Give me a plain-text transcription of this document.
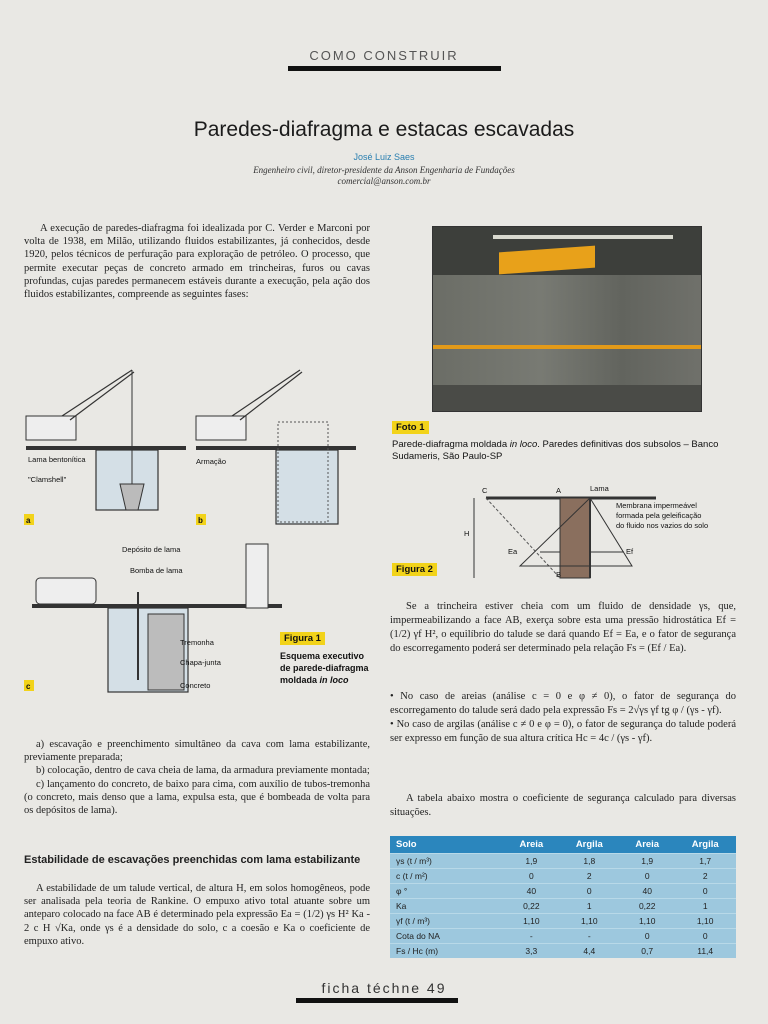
COMO CONSTRUIR
Paredes-diafragma e estacas escavadas
José Luiz Saes
Engenheiro civil, diretor-presidente da Anson Engenharia de Fundações
comercial@anson.com.br

A execução de paredes-diafragma foi idealizada por C. Verder e Marconi por volta de 1938, em Milão, utilizando fluidos estabilizantes, já conhecidos, desde 1920, pelos técnicos de perfuração para exploração de petróleo. O processo, que permite executar peças de concreto armado em trincheiras, furos ou cavas profundas, cujas paredes permanecem estáveis durante a execução, pela ação dos fluidos estabilizantes, compreende as seguintes fases:

Lama bentonítica
"Clamshell"
a
Armação
b
Depósito de lama
Bomba de lama
Tremonha
Chapa-junta
Concreto
c
Figura 1
Esquema executivo de parede-diafragma moldada in loco

a) escavação e preenchimento simultâneo da cava com lama estabilizante, previamente preparada;

b) colocação, dentro de cava cheia de lama, da armadura previamente montada;

c) lançamento do concreto, de baixo para cima, com auxílio de tubos-tremonha (o concreto, mais denso que a lama, expulsa esta, que é bombeada de volta para os depósitos de lama).

Estabilidade de escavações preenchidas com lama estabilizante

A estabilidade de um talude vertical, de altura H, em solos homogêneos, pode ser analisada pela teoria de Rankine. O empuxo ativo total atuante sobre um anteparo colocado na face AB é determinado pela expressão Ea = (1/2) γs H² Ka - 2 c H √Ka, onde γs é a densidade do solo, c a coesão e Ka o coeficiente de empuxo ativo.

Foto 1
Parede-diafragma moldada in loco. Paredes definitivas dos subsolos – Banco Sudameris, São Paulo-SP
C	A
B
H
Lama
Ea	Ef
Membrana impermeável
formada pela geleificação
do fluido nos vazios do solo
Figura 2

Se a trincheira estiver cheia com um fluido de densidade γs, que, impermeabilizando a face AB, exerça sobre esta uma pressão hidrostática Ef = (1/2) γf H², o equilíbrio do talude se dará quando Ef = Ea, e o fator de segurança do escorregamento poderá ser determinado pela relação Fs = (Ef / Ea).

• No caso de areias (análise c = 0 e φ ≠ 0), o fator de segurança do escorregamento do talude será dado pela expressão Fs = 2√γs γf tg φ / (γs - γf).

• No caso de argilas (análise c ≠ 0 e φ = 0), o fator de segurança do talude poderá ser expresso em função de sua altura crítica Hc = 4c / (γs - γf).

A tabela abaixo mostra o coeficiente de segurança calculado para diversas situações.

Solo	Areia	Argila	Areia	Argila
γs (t / m³)	1,9	1,8	1,9	1,7
c (t / m²)	0	2	0	2
φ °	40	0	40	0
Ka	0,22	1	0,22	1
γf (t / m³)	1,10	1,10	1,10	1,10
Cota do NA	-	-	0	0
Fs / Hc (m)	3,3	4,4	0,7	11,4
ficha téchne 49
